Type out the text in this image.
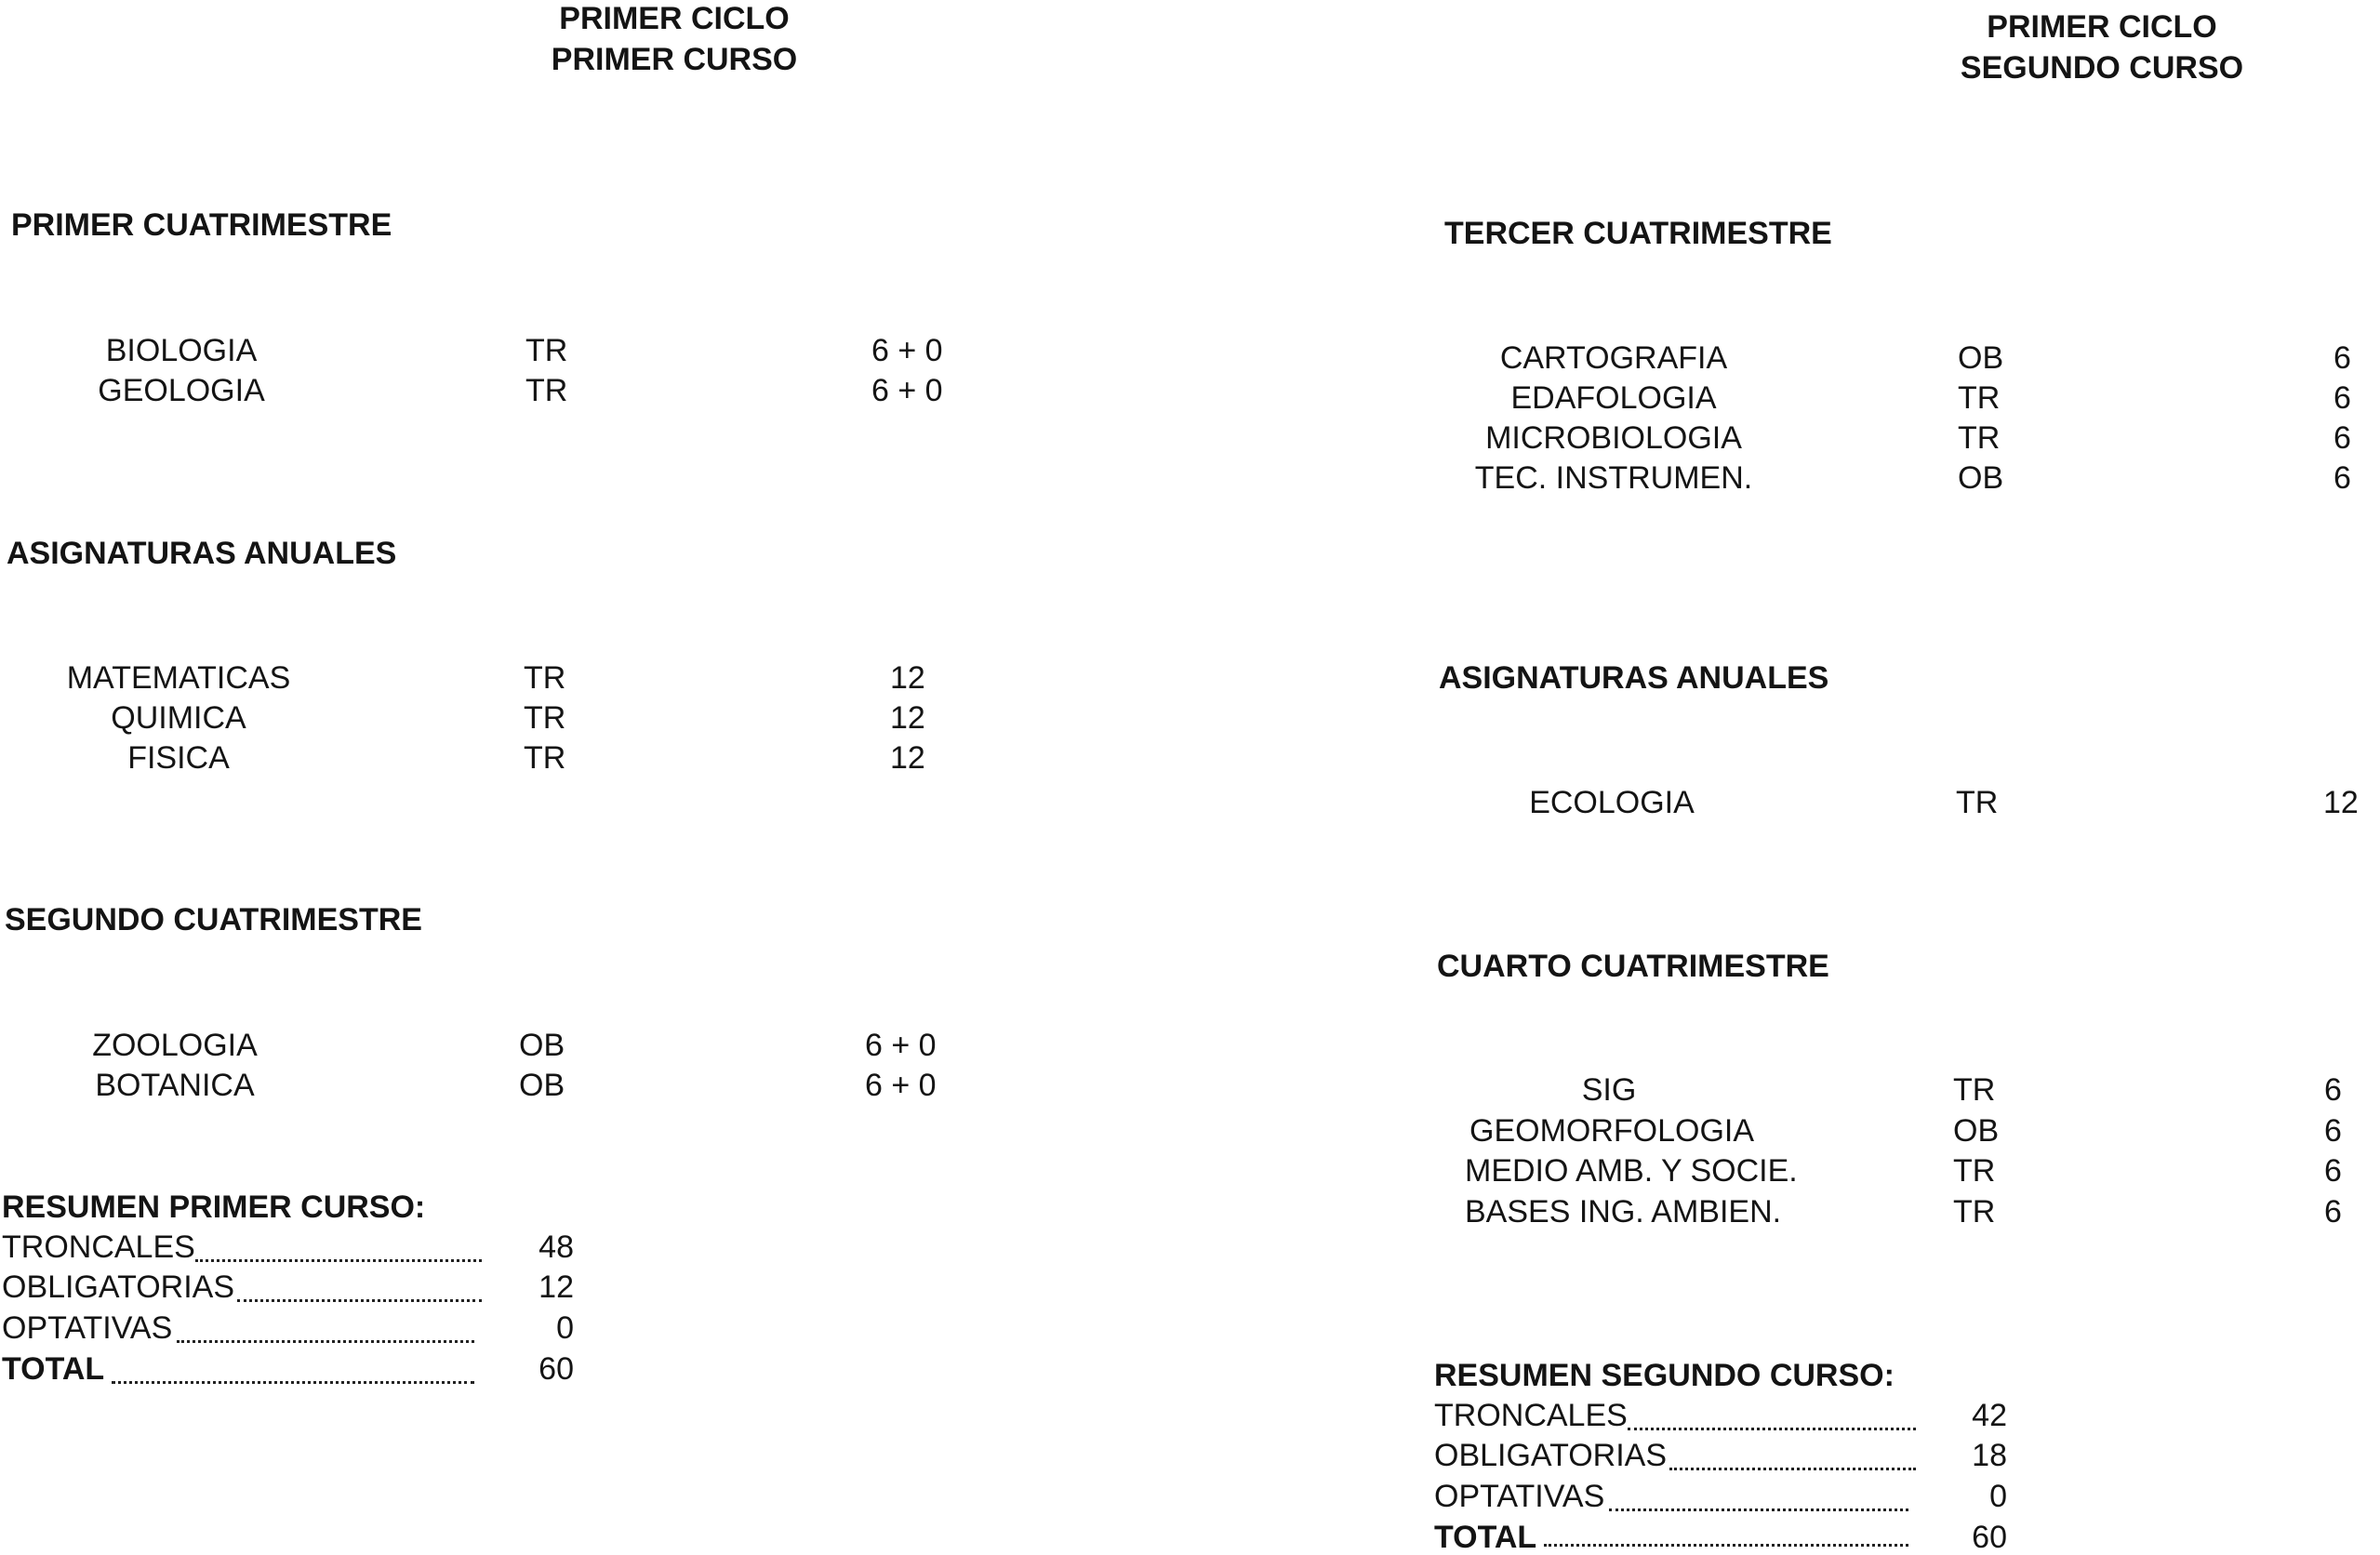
PRIMER CICLO
PRIMER CURSO
PRIMER CUATRIMESTRE
BIOLOGIA	TR	6 + 0
GEOLOGIA	TR	6 + 0
ASIGNATURAS ANUALES
MATEMATICAS	TR	12
QUIMICA	TR	12
FISICA	TR	12
SEGUNDO CUATRIMESTRE
ZOOLOGIA	OB	6 + 0
BOTANICA	OB	6 + 0
RESUMEN PRIMER CURSO:
TRONCALES	48
OBLIGATORIAS	12
OPTATIVAS	0
TOTAL	60
PRIMER CICLO
SEGUNDO CURSO
TERCER CUATRIMESTRE
CARTOGRAFIA	OB	6
EDAFOLOGIA	TR	6
MICROBIOLOGIA	TR	6
TEC. INSTRUMEN.	OB	6
ASIGNATURAS ANUALES
ECOLOGIA	TR	12
CUARTO CUATRIMESTRE
SIG	TR	6
GEOMORFOLOGIA	OB	6
MEDIO AMB. Y SOCIE.	TR	6
BASES ING. AMBIEN.	TR	6
RESUMEN SEGUNDO CURSO:
TRONCALES	42
OBLIGATORIAS	18
OPTATIVAS	0
TOTAL	60
